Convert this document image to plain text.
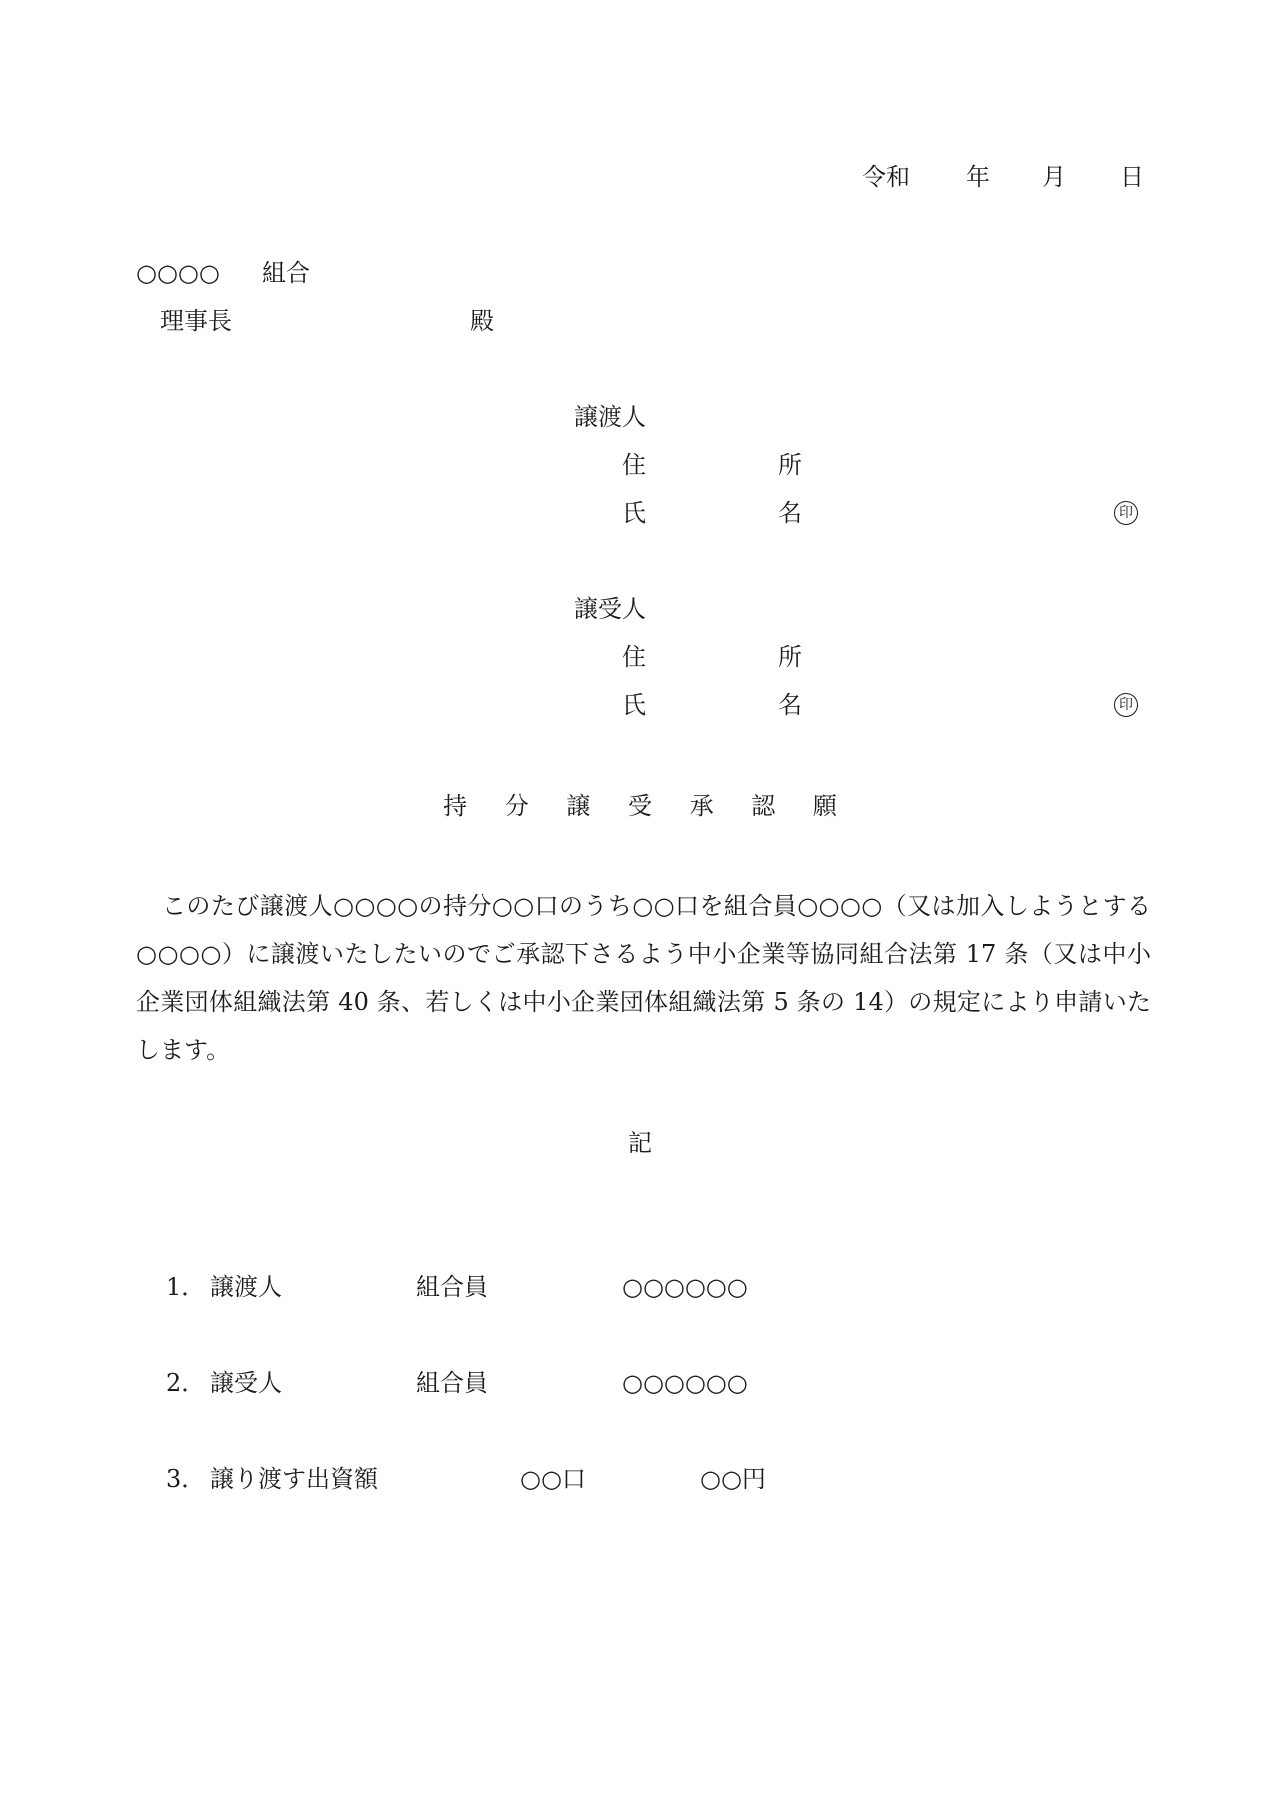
令和 年 月 日
○○○○ 組合
理事長	殿
譲渡人
住	所
氏	名	印
譲受人
住	所
氏	名	印
持 分 譲 受 承 認 願

このたび譲渡人○○○○の持分○○口のうち○○口を組合員○○○○（又は加入しようとする○○○○）に譲渡いたしたいのでご承認下さるよう中小企業等協同組合法第 17 条（又は中小企業団体組織法第 40 条、若しくは中小企業団体組織法第 5 条の 14）の規定により申請いたします。

記
1． 譲渡人	組合員	○○○○○○
2． 譲受人	組合員	○○○○○○
3． 譲り渡す出資額	○○口	○○円
